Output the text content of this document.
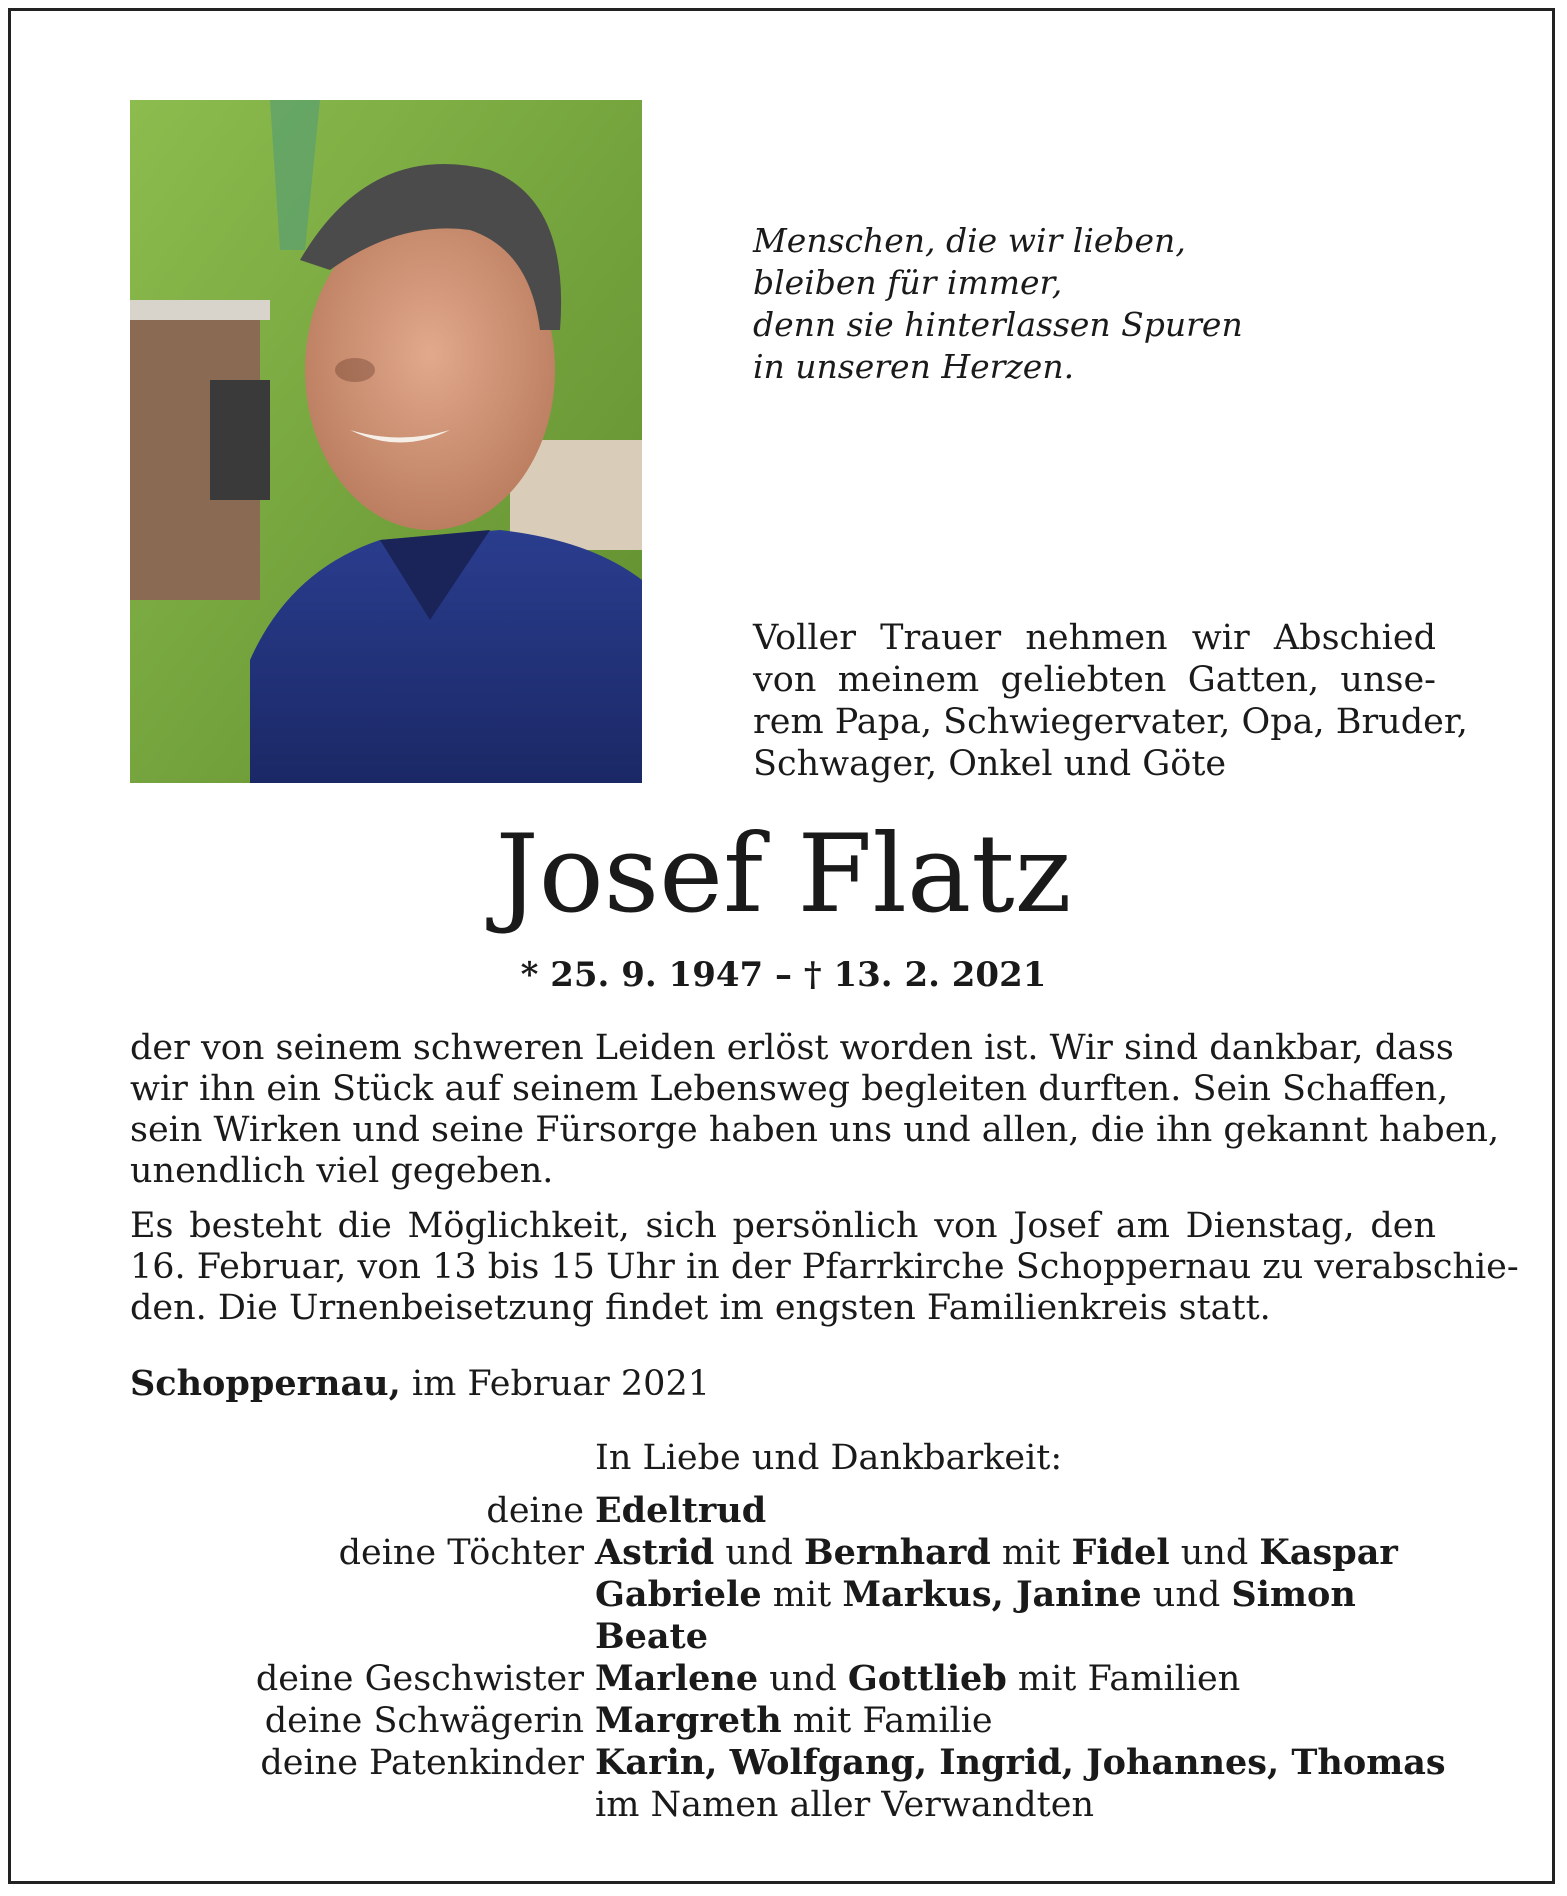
Menschen, die wir lieben,
bleiben für immer,
denn sie hinterlassen Spuren
in unseren Herzen.
Voller Trauer nehmen wir Abschied
von meinem geliebten Gatten, unse-
rem Papa, Schwiegervater, Opa, Bruder,
Schwager, Onkel und Göte
Josef Flatz
* 25. 9. 1947 – † 13. 2. 2021
der von seinem schweren Leiden erlöst worden ist. Wir sind dankbar, dass
wir ihn ein Stück auf seinem Lebensweg begleiten durften. Sein Schaffen,
sein Wirken und seine Fürsorge haben uns und allen, die ihn gekannt haben,
unendlich viel gegeben.
Es besteht die Möglichkeit, sich persönlich von Josef am Dienstag, den
16. Februar, von 13 bis 15 Uhr in der Pfarrkirche Schoppernau zu verabschie-
den. Die Urnenbeisetzung findet im engsten Familienkreis statt.
Schoppernau, im Februar 2021
In Liebe und Dankbarkeit:
deine Edeltrud
deine Töchter Astrid und Bernhard mit Fidel und Kaspar
Gabriele mit Markus, Janine und Simon
Beate
deine Geschwister Marlene und Gottlieb mit Familien
deine Schwägerin Margreth mit Familie
deine Patenkinder Karin, Wolfgang, Ingrid, Johannes, Thomas
im Namen aller Verwandten
